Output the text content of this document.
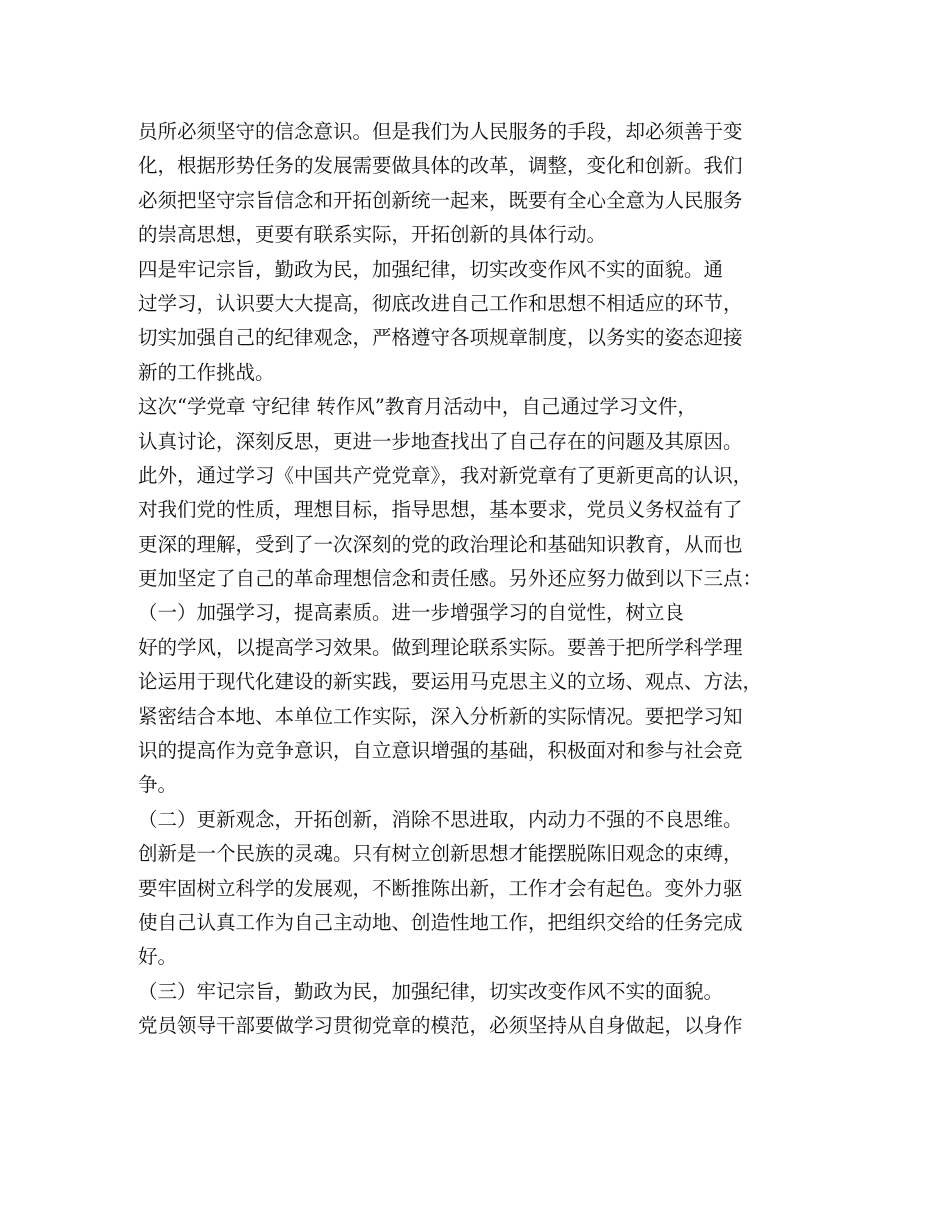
员所必须坚守的信念意识。但是我们为人民服务的手段，却必须善于变
化，根据形势任务的发展需要做具体的改革，调整，变化和创新。我们
必须把坚守宗旨信念和开拓创新统一起来，既要有全心全意为人民服务
的崇高思想，更要有联系实际，开拓创新的具体行动。
四是牢记宗旨，勤政为民，加强纪律，切实改变作风不实的面貌。通
过学习，认识要大大提高，彻底改进自己工作和思想不相适应的环节，
切实加强自己的纪律观念，严格遵守各项规章制度，以务实的姿态迎接
新的工作挑战。
这次“学党章 守纪律 转作风”教育月活动中，自己通过学习文件，
认真讨论，深刻反思，更进一步地查找出了自己存在的问题及其原因。
此外，通过学习《中国共产党党章》，我对新党章有了更新更高的认识，
对我们党的性质，理想目标，指导思想，基本要求，党员义务权益有了
更深的理解，受到了一次深刻的党的政治理论和基础知识教育，从而也
更加坚定了自己的革命理想信念和责任感。另外还应努力做到以下三点：
（一）加强学习，提高素质。进一步增强学习的自觉性，树立良
好的学风，以提高学习效果。做到理论联系实际。要善于把所学科学理
论运用于现代化建设的新实践，要运用马克思主义的立场、观点、方法，
紧密结合本地、本单位工作实际，深入分析新的实际情况。要把学习知
识的提高作为竞争意识，自立意识增强的基础，积极面对和参与社会竞
争。
（二）更新观念，开拓创新，消除不思进取，内动力不强的不良思维。
创新是一个民族的灵魂。只有树立创新思想才能摆脱陈旧观念的束缚，
要牢固树立科学的发展观，不断推陈出新，工作才会有起色。变外力驱
使自己认真工作为自己主动地、创造性地工作，把组织交给的任务完成
好。
（三）牢记宗旨，勤政为民，加强纪律，切实改变作风不实的面貌。
党员领导干部要做学习贯彻党章的模范，必须坚持从自身做起，以身作
